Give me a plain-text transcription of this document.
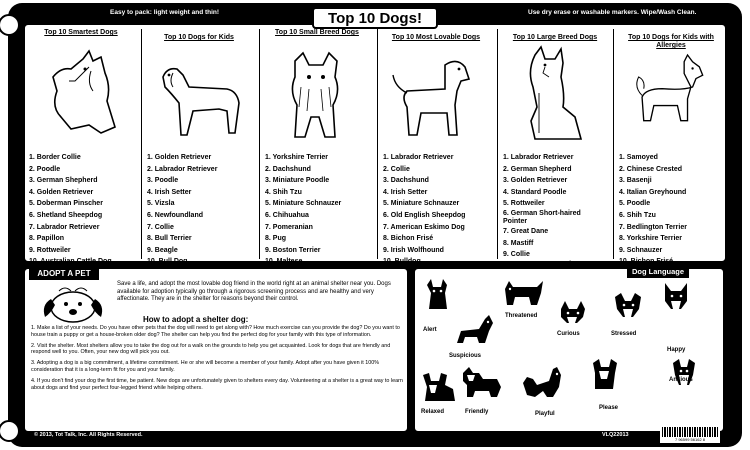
Easy to pack: light weight and thin!	Use dry erase or washable markers. Wipe/Wash Clean.
Top 10 Smartest Dogs
1. Border Collie
2. Poodle
3. German Shepherd
4. Golden Retriever
5. Doberman Pinscher
6. Shetland Sheepdog
7. Labrador Retriever
8. Papillon
9. Rottweiler
10. Australian Cattle Dog
Top 10 Dogs for Kids
1. Golden Retriever
2. Labrador Retriever
3. Poodle
4. Irish Setter
5. Vizsla
6. Newfoundland
7. Collie
8. Bull Terrier
9. Beagle
10. Bull Dog
Top 10 Small Breed Dogs
1. Yorkshire Terrier
2. Dachshund
3. Miniature Poodle
4. Shih Tzu
5. Miniature Schnauzer
6. Chihuahua
7. Pomeranian
8. Pug
9. Boston Terrier
10. Maltese
Top 10 Most Lovable Dogs
1. Labrador Retriever
2. Collie
3. Dachshund
4. Irish Setter
5. Miniature Schnauzer
6. Old English Sheepdog
7. American Eskimo Dog
8. Bichon Frisé
9. Irish Wolfhound
10. Bulldog
Top 10 Large Breed Dogs
1. Labrador Retriever
2. German Shepherd
3. Golden Retriever
4. Standard Poodle
5. Rottweiler
6. German Short-haired Pointer
7. Great Dane
8. Mastiff
9. Collie
10. Bernese Mountain Dog
Top 10 Dogs for Kids with Allergies
1. Samoyed
2. Chinese Crested
3. Basenji
4. Italian Greyhound
5. Poodle
6. Shih Tzu
7. Bedlington Terrier
8. Yorkshire Terrier
9. Schnauzer
10. Bichon Frisé
Top 10 Dogs!
ADOPT A PET
Save a life, and adopt the most lovable dog friend in the world right at an animal shelter near you. Dogs available for adoption typically go through a rigorous screening process and are healthy and very affectionate. They are in the shelter for reasons beyond their control.
How to adopt a shelter dog:

1. Make a list of your needs. Do you have other pets that the dog will need to get along with? How much exercise can you provide the dog? Do you want to house train a puppy or get a house-broken older dog? The shelter can help you find the perfect dog for your family with this type of information.

2. Visit the shelter. Most shelters allow you to take the dog out for a walk on the grounds to help you get acquainted. Look for dogs that are friendly and respond well to you. Often, your new dog will pick you out.

3. Adopting a dog is a big commitment, a lifetime commitment. He or she will become a member of your family. Adopt after you have given it 100% consideration that it is a long-term fit for you and your family.

4. If you don't find your dog the first time, be patient. New dogs are unfortunately given to shelters every day. Volunteering at a shelter is a great way to learn about dogs and find your perfect four-legged friend while helping others.

Dog Language
Alert
Threatened
Curious	Stressed
Happy
Suspicious
Anxious
Relaxed	Friendly	Playful
Please
© 2013, Tot Talk, Inc. All Rights Reserved.	VLQ22013
7 96599 56162 8
